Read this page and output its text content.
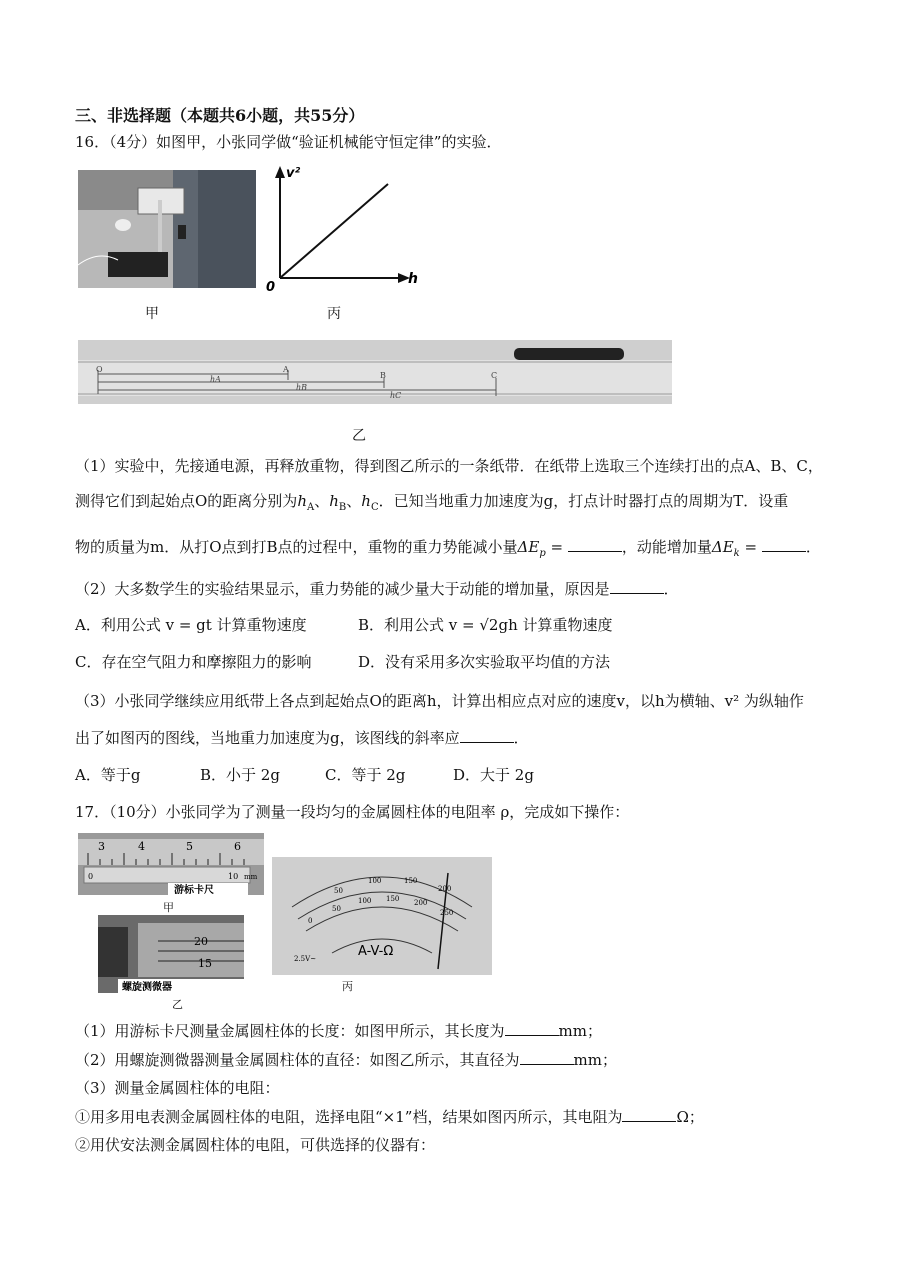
三、非选择题（本题共6小题，共55分）
16．（4分）如图甲，小张同学做“验证机械能守恒定律”的实验．
甲
v²
h
0
丙
O	A
B	C
hA
hB
hC
乙
（1）实验中，先接通电源，再释放重物，得到图乙所示的一条纸带．在纸带上选取三个连续打出的点A、B、C，
测得它们到起始点O的距离分别为$h_A$、$h_B$、$h_C$．已知当地重力加速度为g，打点计时器打点的周期为T．设重
物的质量为m．从打O点到打B点的过程中，重物的重力势能减小量$\Delta E_p$ =	，动能增加量$\Delta E_k$ =	．
（2）大多数学生的实验结果显示，重力势能的减少量大于动能的增加量，原因是	．
A．利用公式 v = gt 计算重物速度	B．利用公式 v = √2gh 计算重物速度
C．存在空气阻力和摩擦阻力的影响	D．没有采用多次实验取平均值的方法
（3）小张同学继续应用纸带上各点到起始点O的距离h，计算出相应点对应的速度v，以h为横轴、v² 为纵轴作
出了如图丙的图线，当地重力加速度为g，该图线的斜率应	．
A．等于g	B．小于 2g	C．等于 2g	D．大于 2g
17．（10分）小张同学为了测量一段均匀的金属圆柱体的电阻率 ρ，完成如下操作：
3	4	5	6
0	10 mm
游标卡尺
甲
20
15
螺旋测微器
乙
50
100	150
200
0
50
100 150 200
250
2.5V~	A-V-Ω
丙
（1）用游标卡尺测量金属圆柱体的长度：如图甲所示，其长度为	mm；
（2）用螺旋测微器测量金属圆柱体的直径：如图乙所示，其直径为	mm；
（3）测量金属圆柱体的电阻：
①用多用电表测金属圆柱体的电阻，选择电阻“×1”档，结果如图丙所示，其电阻为	Ω；
②用伏安法测金属圆柱体的电阻，可供选择的仪器有：
